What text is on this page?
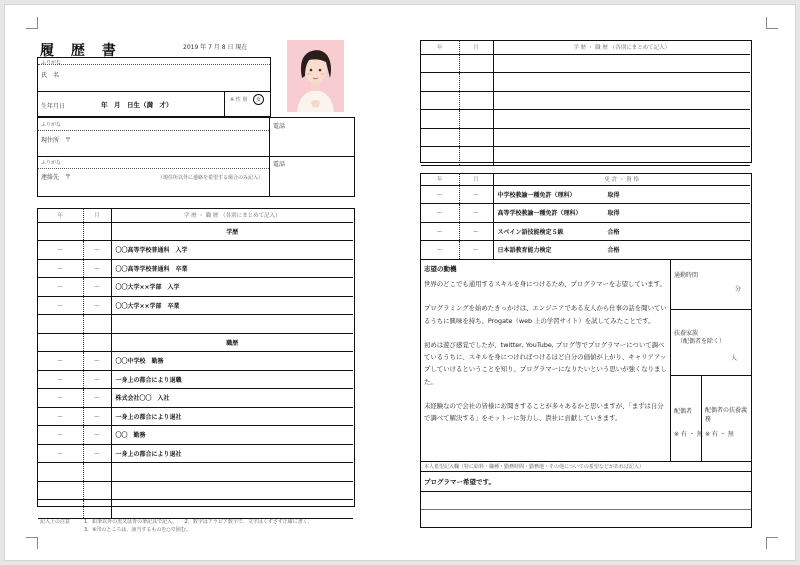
履 歴 書	2019 年 7 月 8 日 現在
ふりがな
氏　名
生年月日	年　月　日生（満　才）
※ 性 別	女
ふりがな
現住所　〒
電話
ふりがな
連絡先　〒	（現住所以外に連絡を希望する場合のみ記入）
電話
年	月	学 歴 ・ 職 歴 （各別にまとめて記入）
		学歴
〜	〜	〇〇高等学校普通科　入学
〜	〜	〇〇高等学校普通科　卒業
〜	〜	〇〇大学××学部　入学
〜	〜	〇〇大学××学部　卒業

		職歴
〜	〜	〇〇中学校　勤務
〜	〜	一身上の都合により退職
〜	〜	株式会社〇〇　入社
〜	〜	一身上の都合により退社
〜	〜	〇〇　勤務
〜	〜	一身上の都合により退社

記入上の注意	1．鉛筆以外の黒又は青の筆記具で記入。　　2．数字はアラビア数字で、文字はくずさず正確に書く。
3．※印のところは、該当するものを○で囲む。
年	月	学 歴 ・ 職 歴 （各別にまとめて記入）

年	月	免 許 ・ 資 格
〜	〜	中学校教諭一種免許（理科） 取得
〜	〜	高等学校教諭一種免許（理科） 取得
〜	〜	スペイン語技能検定５級 合格
〜	〜	日本語教育能力検定 合格
志望の動機

世界のどこでも通用するスキルを身につけるため、プログラマーを志望しています。

プログラミングを始めたきっかけは、エンジニアである友人から仕事の話を聞いているうちに興味を持ち、Progate（web 上の学習サイト）を試してみたことです。

初めは遊び感覚でしたが、twitter, YouTube, ブログ等でプログラマーについて調べているうちに、スキルを身につければつけるほど自分の価値が上がり、キャリアアップしていけるということを知り、プログラマーになりたいという思いが強くなりました。

未経験なので会社の皆様にお聞きすることが多々あるかと思いますが、「まずは自分で調べて解決する」をモットーに努力し、貴社に貢献していきます。

通勤時間
分
扶養家族
（配偶者を除く）
人
配偶者
※ 有 ・ 無
配偶者の扶養義務
※ 有 ・ 無
本人希望記入欄（特に給料・職種・勤務時間・勤務地・その他についての希望などがあれば記入）
プログラマー希望です。
